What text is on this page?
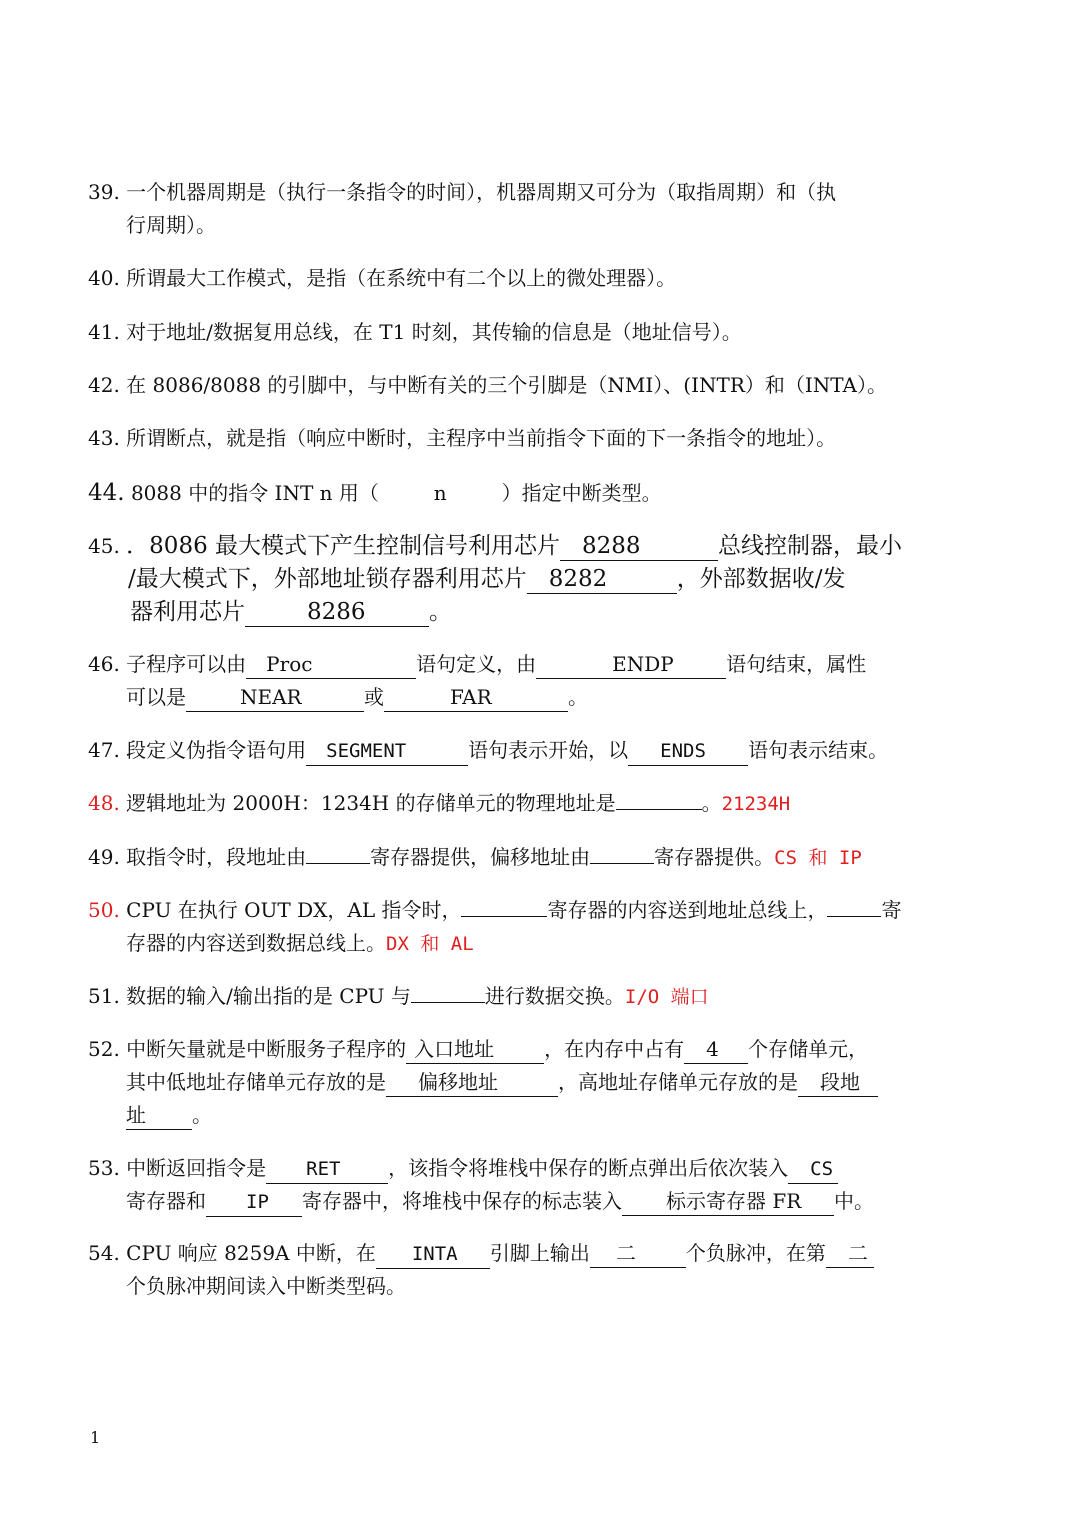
39. 一个机器周期是（执行一条指令的时间），机器周期又可分为（取指周期）和（执
行周期）。
40. 所谓最大工作模式，是指（在系统中有二个以上的微处理器）。
41. 对于地址/数据复用总线，在 T1 时刻，其传输的信息是（地址信号）。
42. 在 8086/8088 的引脚中，与中断有关的三个引脚是（NMI）、(INTR）和（INTA）。
43. 所谓断点，就是指（响应中断时，主程序中当前指令下面的下一条指令的地址）。
44. 8088 中的指令 INT n 用（	n	）指定中断类型。
45. ．8086 最大模式下产生控制信号利用芯片 8288	总线控制器，最小
/最大模式下，外部地址锁存器利用芯片 8282	，外部数据收/发
器利用芯片	8286	。
46. 子程序可以由 Proc	语句定义，由	ENDP	语句结束，属性
可以是	NEAR	或	FAR	。
47. 段定义伪指令语句用 SEGMENT	语句表示开始，以 ENDS 语句表示结束。
48. 逻辑地址为 2000H：1234H 的存储单元的物理地址是	。21234H
49. 取指令时，段地址由	寄存器提供，偏移地址由	寄存器提供。CS 和 IP
50. CPU 在执行 OUT DX，AL 指令时，	寄存器的内容送到地址总线上，	寄
存器的内容送到数据总线上。DX 和 AL
51. 数据的输入/输出指的是 CPU 与	进行数据交换。I/O 端口
52. 中断矢量就是中断服务子程序的 入口地址	，在内存中占有 4 个存储单元，
其中低地址存储单元存放的是 偏移地址	，高地址存储单元存放的是 段地
址 。
53. 中断返回指令是 RET ，该指令将堆栈中保存的断点弹出后依次装入 CS
寄存器和 IP 寄存器中，将堆栈中保存的标志装入 标示寄存器 FR 中。
54. CPU 响应 8259A 中断，在 INTA 引脚上输出 二	个负脉冲，在第 二
个负脉冲期间读入中断类型码。
1
